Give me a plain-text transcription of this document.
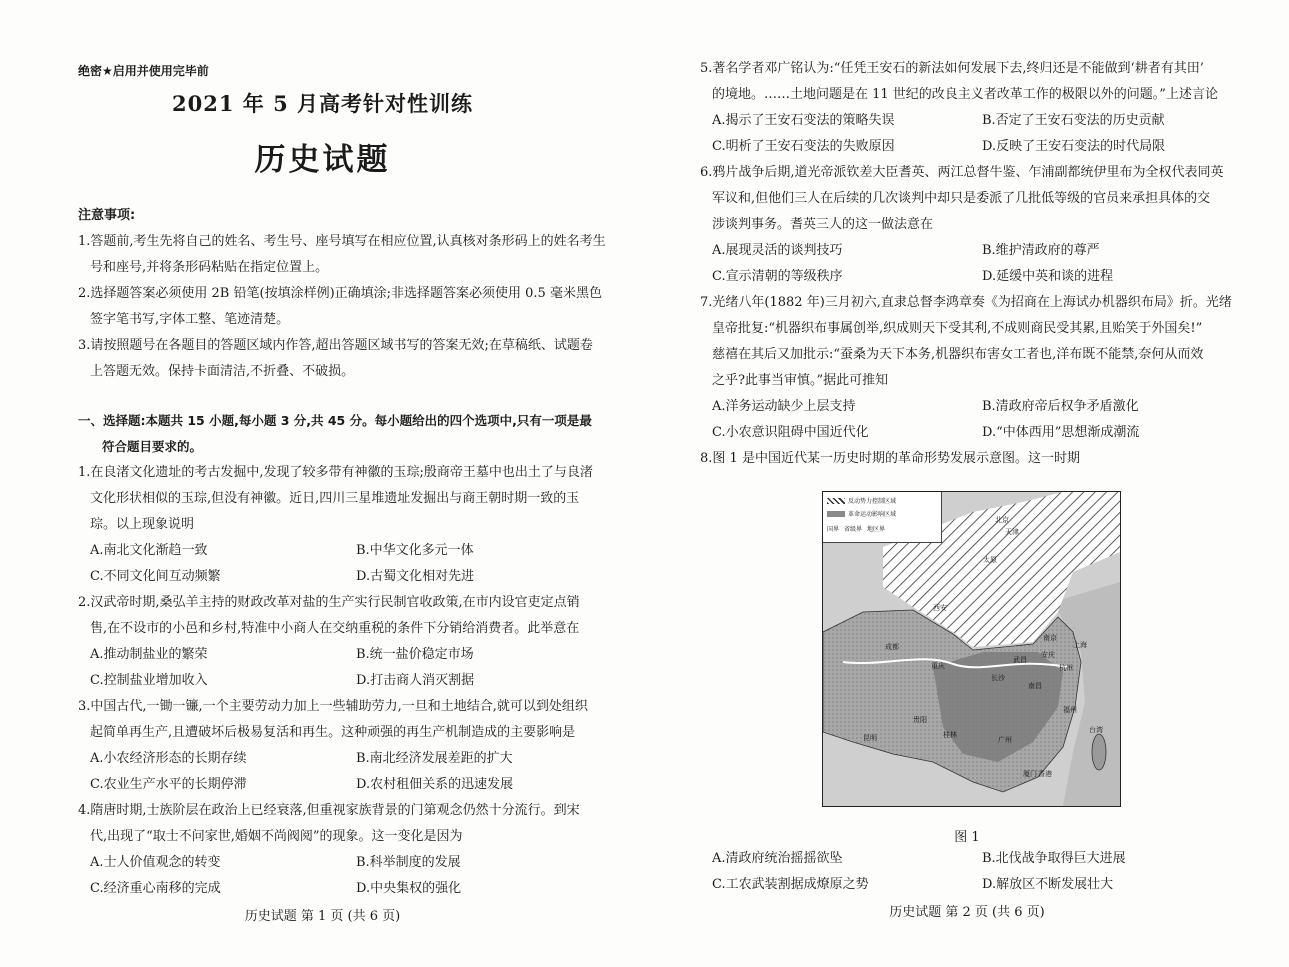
绝密★启用并使用完毕前
2021 年 5 月高考针对性训练
历史试题
注意事项:
1.答题前,考生先将自己的姓名、考生号、座号填写在相应位置,认真核对条形码上的姓名考生
号和座号,并将条形码粘贴在指定位置上。
2.选择题答案必须使用 2B 铅笔(按填涂样例)正确填涂;非选择题答案必须使用 0.5 毫米黑色
签字笔书写,字体工整、笔迹清楚。
3.请按照题号在各题目的答题区域内作答,超出答题区域书写的答案无效;在草稿纸、试题卷
上答题无效。保持卡面清洁,不折叠、不破损。
一、选择题:本题共 15 小题,每小题 3 分,共 45 分。每小题给出的四个选项中,只有一项是最
符合题目要求的。
1.在良渚文化遗址的考古发掘中,发现了较多带有神徽的玉琮;殷商帝王墓中也出土了与良渚
文化形状相似的玉琮,但没有神徽。近日,四川三星堆遗址发掘出与商王朝时期一致的玉
琮。以上现象说明
A.南北文化渐趋一致	B.中华文化多元一体
C.不同文化间互动频繁	D.古蜀文化相对先进
2.汉武帝时期,桑弘羊主持的财政改革对盐的生产实行民制官收政策,在市内设官吏定点销
售,在不设市的小邑和乡村,特准中小商人在交纳重税的条件下分销给消费者。此举意在
A.推动制盐业的繁荣	B.统一盐价稳定市场
C.控制盐业增加收入	D.打击商人消灭割据
3.中国古代,一锄一镰,一个主要劳动力加上一些辅助劳力,一旦和土地结合,就可以到处组织
起简单再生产,且遭破坏后极易复活和再生。这种顽强的再生产机制造成的主要影响是
A.小农经济形态的长期存续	B.南北经济发展差距的扩大
C.农业生产水平的长期停滞	D.农村租佃关系的迅速发展
4.隋唐时期,士族阶层在政治上已经衰落,但重视家族背景的门第观念仍然十分流行。到宋
代,出现了“取士不问家世,婚姻不尚阀阅”的现象。这一变化是因为
A.士人价值观念的转变	B.科举制度的发展
C.经济重心南移的完成	D.中央集权的强化
历史试题 第 1 页 (共 6 页)
5.著名学者邓广铭认为:“任凭王安石的新法如何发展下去,终归还是不能做到‘耕者有其田’
的境地。……土地问题是在 11 世纪的改良主义者改革工作的极限以外的问题。”上述言论
A.揭示了王安石变法的策略失误	B.否定了王安石变法的历史贡献
C.明析了王安石变法的失败原因	D.反映了王安石变法的时代局限
6.鸦片战争后期,道光帝派钦差大臣耆英、两江总督牛鉴、乍浦副都统伊里布为全权代表同英
军议和,但他们三人在后续的几次谈判中却只是委派了几批低等级的官员来承担具体的交
涉谈判事务。耆英三人的这一做法意在
A.展现灵活的谈判技巧	B.维护清政府的尊严
C.宣示清朝的等级秩序	D.延缓中英和谈的进程
7.光绪八年(1882 年)三月初六,直隶总督李鸿章奏《为招商在上海试办机器织布局》折。光绪
皇帝批复:“机器织布事属创举,织成则天下受其利,不成则商民受其累,且贻笑于外国矣!”
慈禧在其后又加批示:“蚕桑为天下本务,机器织布害女工者也,洋布既不能禁,奈何从而效
之乎?此事当审慎。”据此可推知
A.洋务运动缺少上层支持	B.清政府帝后权争矛盾激化
C.小农意识阻碍中国近代化	D.“中体西用”思想渐成潮流
8.图 1 是中国近代某一历史时期的革命形势发展示意图。这一时期
北京
天津
太原
西安
南京
上海
武昌
安庆
杭州
长沙
南昌
成都
重庆
贵阳
昆明	桂林
福州
广州
厦门 香港
台湾
反动势力控制区域
革命运动影响区域
国界 省级界 地区界
图 1
A.清政府统治摇摇欲坠	B.北伐战争取得巨大进展
C.工农武装割据成燎原之势	D.解放区不断发展壮大
历史试题 第 2 页 (共 6 页)
